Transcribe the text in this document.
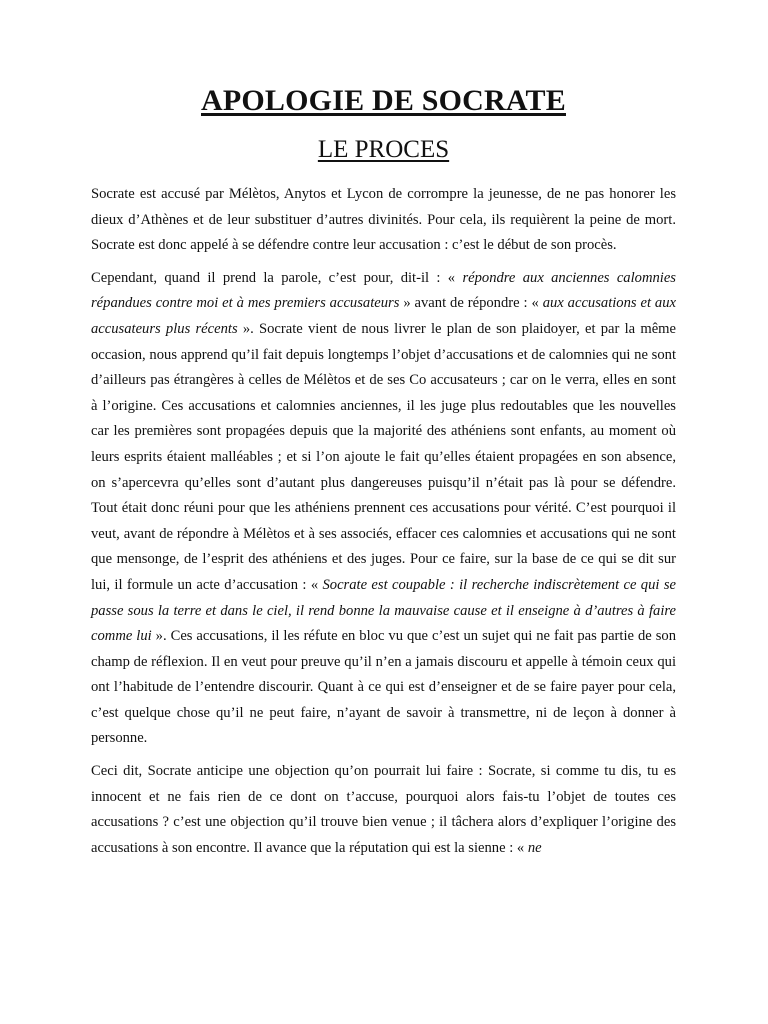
APOLOGIE DE SOCRATE
LE PROCES

Socrate est accusé par Mélètos, Anytos et Lycon de corrompre la jeunesse, de ne pas honorer les dieux d’Athènes et de leur substituer d’autres divinités. Pour cela, ils requièrent la peine de mort. Socrate est donc appelé à se défendre contre leur accusation : c’est le début de son procès.

Cependant, quand il prend la parole, c’est pour, dit-il : « répondre aux anciennes calomnies répandues contre moi et à mes premiers accusateurs » avant de répondre : « aux accusations et aux accusateurs plus récents ». Socrate vient de nous livrer le plan de son plaidoyer, et par la même occasion, nous apprend qu’il fait depuis longtemps l’objet d’accusations et de calomnies qui ne sont d’ailleurs pas étrangères à celles de Mélètos et de ses Co accusateurs ; car on le verra, elles en sont à l’origine. Ces accusations et calomnies anciennes, il les juge plus redoutables que les nouvelles car les premières sont propagées depuis que la majorité des athéniens sont enfants, au moment où leurs esprits étaient malléables ; et si l’on ajoute le fait qu’elles étaient propagées en son absence, on s’apercevra qu’elles sont d’autant plus dangereuses puisqu’il n’était pas là pour se défendre. Tout était donc réuni pour que les athéniens prennent ces accusations pour vérité. C’est pourquoi il veut, avant de répondre à Mélètos et à ses associés, effacer ces calomnies et accusations qui ne sont que mensonge, de l’esprit des athéniens et des juges. Pour ce faire, sur la base de ce qui se dit sur lui, il formule un acte d’accusation : « Socrate est coupable : il recherche indiscrètement ce qui se passe sous la terre et dans le ciel, il rend bonne la mauvaise cause et il enseigne à d’autres à faire comme lui ». Ces accusations, il les réfute en bloc vu que c’est un sujet qui ne fait pas partie de son champ de réflexion. Il en veut pour preuve qu’il n’en a jamais discouru et appelle à témoin ceux qui ont l’habitude de l’entendre discourir. Quant à ce qui est d’enseigner et de se faire payer pour cela, c’est quelque chose qu’il ne peut faire, n’ayant de savoir à transmettre, ni de leçon à donner à personne.

Ceci dit, Socrate anticipe une objection qu’on pourrait lui faire : Socrate, si comme tu dis, tu es innocent et ne fais rien de ce dont on t’accuse, pourquoi alors fais-tu l’objet de toutes ces accusations ? c’est une objection qu’il trouve bien venue ; il tâchera alors d’expliquer l’origine des accusations à son encontre. Il avance que la réputation qui est la sienne : « ne
